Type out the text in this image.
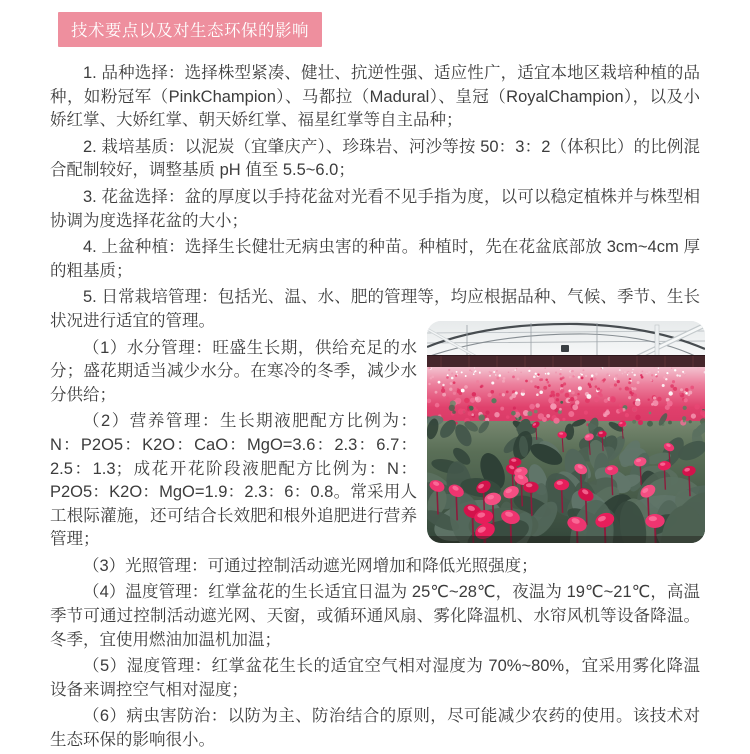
技术要点以及对生态环保的影响

1. 品种选择：选择株型紧凑、健壮、抗逆性强、适应性广，适宜本地区栽培种植的品种，如粉冠军（PinkChampion）、马都拉（Madural）、皇冠（RoyalChampion），以及小娇红掌、大娇红掌、朝天娇红掌、福星红掌等自主品种；

2. 栽培基质：以泥炭（宜肇庆产）、珍珠岩、河沙等按 50：3：2（体积比）的比例混合配制较好，调整基质 pH 值至 5.5~6.0；

3. 花盆选择：盆的厚度以手持花盆对光看不见手指为度，以可以稳定植株并与株型相协调为度选择花盆的大小；

4. 上盆种植：选择生长健壮无病虫害的种苗。种植时，先在花盆底部放 3cm~4cm 厚的粗基质；

5. 日常栽培管理：包括光、温、水、肥的管理等，均应根据品种、气候、季节、生长状况进行适宜的管理。

（1）水分管理：旺盛生长期，供给充足的水分；盛花期适当减少水分。在寒冷的冬季，减少水分供给；

（2）营养管理：生长期液肥配方比例为：N：P2O5：K2O：CaO：MgO=3.6：2.3：6.7：2.5：1.3；成花开花阶段液肥配方比例为：N：P2O5：K2O：MgO=1.9：2.3：6：0.8。常采用人工根际灌施，还可结合长效肥和根外追肥进行营养管理；

（3）光照管理：可通过控制活动遮光网增加和降低光照强度；

（4）温度管理：红掌盆花的生长适宜日温为 25℃~28℃，夜温为 19℃~21℃，高温季节可通过控制活动遮光网、天窗，或循环通风扇、雾化降温机、水帘风机等设备降温。冬季，宜使用燃油加温机加温；

（5）湿度管理：红掌盆花生长的适宜空气相对湿度为 70%~80%，宜采用雾化降温设备来调控空气相对湿度；

（6）病虫害防治：以防为主、防治结合的原则，尽可能减少农药的使用。该技术对生态环保的影响很小。
